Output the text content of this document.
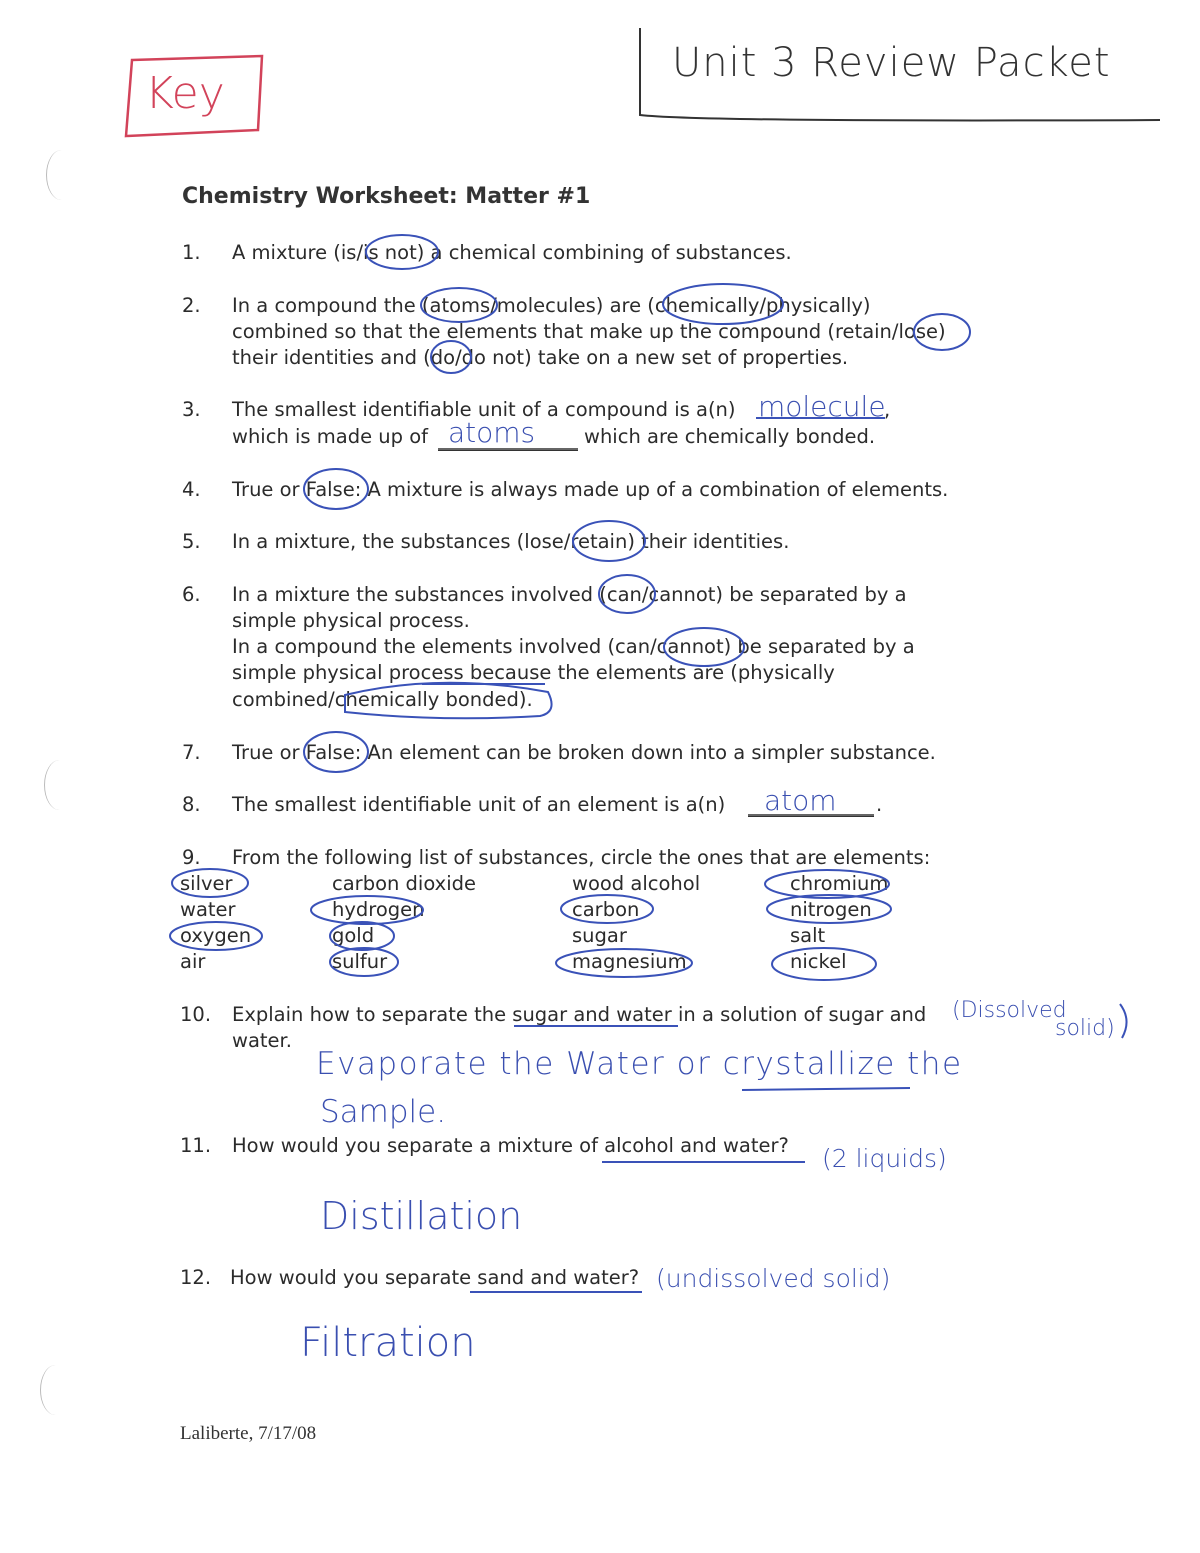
Key
Unit 3 Review Packet
Chemistry Worksheet: Matter #1
1. A mixture (is/is not) a chemical combining of substances.
2. In a compound the (atoms/molecules) are (chemically/physically)
combined so that the elements that make up the compound (retain/lose)
their identities and (do/do not) take on a new set of properties.
3. The smallest identifiable unit of a compound is a(n) molecule
,
which is made up of atoms	which are chemically bonded.
4. True or False: A mixture is always made up of a combination of elements.
5. In a mixture, the substances (lose/retain) their identities.
6. In a mixture the substances involved (can/cannot) be separated by a
simple physical process.
In a compound the elements involved (can/cannot) be separated by a
simple physical process because the elements are (physically
combined/chemically bonded).
7. True or False: An element can be broken down into a simpler substance.
8. The smallest identifiable unit of an element is a(n) atom .
9. From the following list of substances, circle the ones that are elements:
silver	carbon dioxide	wood alcohol	chromium
water	hydrogen	carbon	nitrogen
oxygen	gold	sugar	salt
air	sulfur	magnesium	nickel
10. Explain how to separate the sugar and water in a solution of sugar and
water.
(Dissolved
solid)
Evaporate the Water or crystallize the
Sample.
11. How would you separate a mixture of alcohol and water? (2 liquids)
Distillation
12. How would you separate sand and water? (undissolved solid)
Filtration
Laliberte, 7/17/08
